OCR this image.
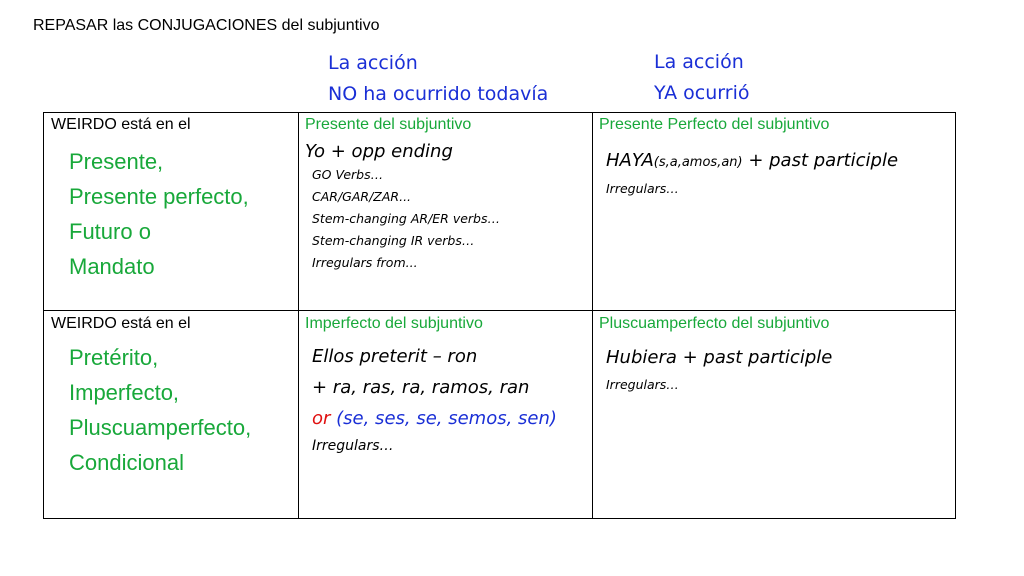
REPASAR las CONJUGACIONES del subjuntivo
La acción
NO ha ocurrido todavía
La acción
YA ocurrió
WEIRDO está en el
Presente,
Presente perfecto,
Futuro o
Mandato
Presente del subjuntivo
Yo + opp ending
GO Verbs…
CAR/GAR/ZAR...
Stem-changing AR/ER verbs…
Stem-changing IR verbs…
Irregulars from...
Presente Perfecto del subjuntivo
HAYA(s,a,amos,an) + past participle
Irregulars…
WEIRDO está en el
Pretérito,
Imperfecto,
Pluscuamperfecto,
Condicional
Imperfecto del subjuntivo
Ellos preterit – ron
+ ra, ras, ra, ramos, ran
or (se, ses, se, semos, sen)
Irregulars…
Pluscuamperfecto del subjuntivo
Hubiera + past participle
Irregulars…
